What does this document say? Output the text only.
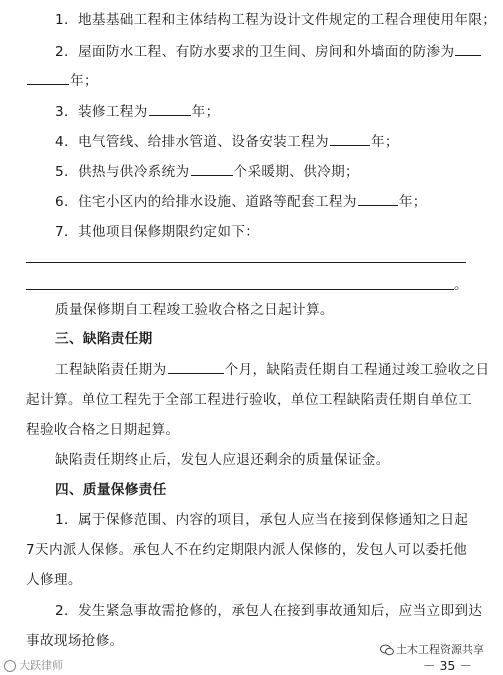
1．地基基础工程和主体结构工程为设计文件规定的工程合理使用年限；
2．屋面防水工程、有防水要求的卫生间、房间和外墙面的防渗为
年；
3．装修工程为	年；
4．电气管线、给排水管道、设备安装工程为	年；
5．供热与供冷系统为	个采暖期、供冷期；
6．住宅小区内的给排水设施、道路等配套工程为	年；
7．其他项目保修期限约定如下：
。
质量保修期自工程竣工验收合格之日起计算。
三、缺陷责任期
工程缺陷责任期为	个月，缺陷责任期自工程通过竣工验收之日
起计算。单位工程先于全部工程进行验收，单位工程缺陷责任期自单位工
程验收合格之日期起算。
缺陷责任期终止后，发包人应退还剩余的质量保证金。
四、质量保修责任
1．属于保修范围、内容的项目，承包人应当在接到保修通知之日起
7天内派人保修。承包人不在约定期限内派人保修的，发包人可以委托他
人修理。
2．发生紧急事故需抢修的，承包人在接到事故通知后，应当立即到达
事故现场抢修。
大跃律师
土木工程资源共享
－ 35 －
